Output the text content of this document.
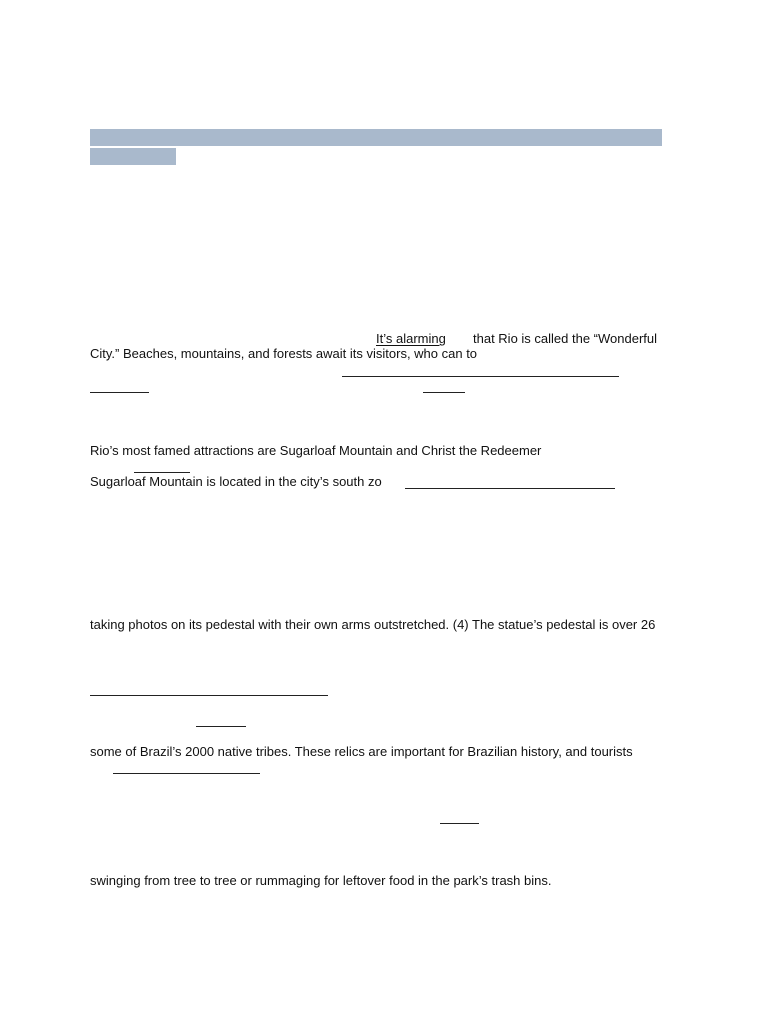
It’s alarming that Rio is called the “Wonderful
City.” Beaches, mountains, and forests await its visitors, who can to
Rio’s most famed attractions are Sugarloaf Mountain and Christ the Redeemer
Sugarloaf Mountain is located in the city’s south zo
taking photos on its pedestal with their own arms outstretched. (4) The statue’s pedestal is over 26
some of Brazil’s 2000 native tribes. These relics are important for Brazilian history, and tourists
swinging from tree to tree or rummaging for leftover food in the park’s trash bins.
